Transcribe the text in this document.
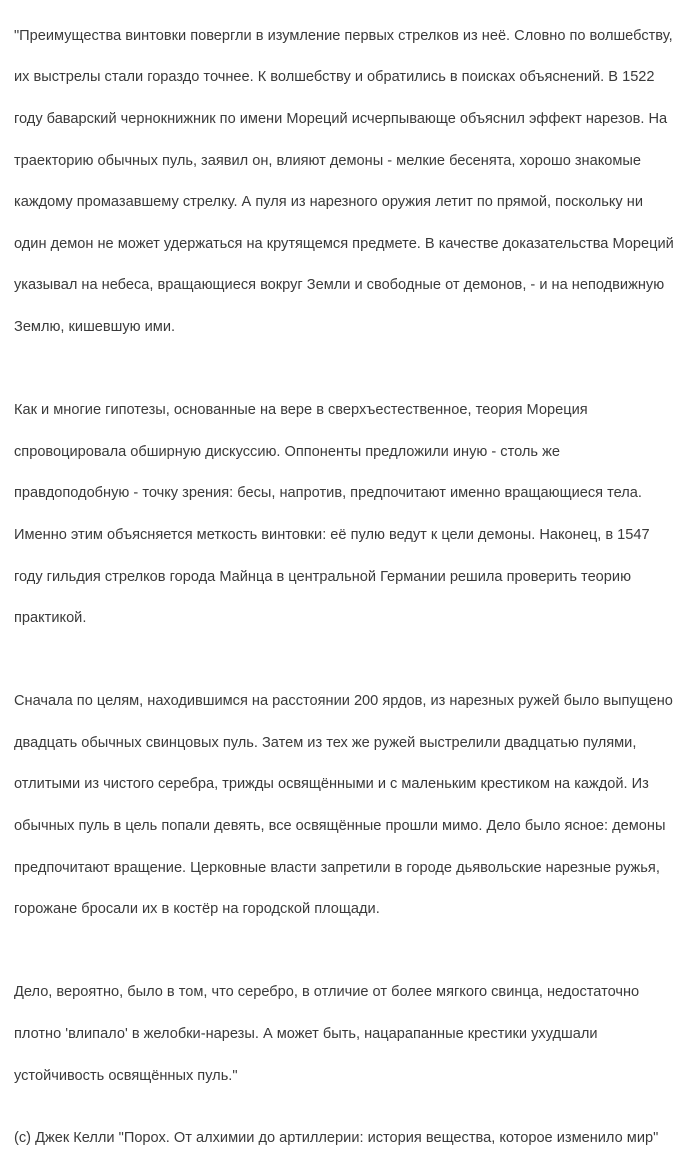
"Преимущества винтовки повергли в изумление первых стрелков из неё. Словно по волшебству,

их выстрелы стали гораздо точнее. К волшебству и обратились в поисках объяснений. В 1522

году баварский чернокнижник по имени Мореций исчерпывающе объяснил эффект нарезов. На

траекторию обычных пуль, заявил он, влияют демоны - мелкие бесенята, хорошо знакомые

каждому промазавшему стрелку. А пуля из нарезного оружия летит по прямой, поскольку ни

один демон не может удержаться на крутящемся предмете. В качестве доказательства Мореций

указывал на небеса, вращающиеся вокруг Земли и свободные от демонов, - и на неподвижную

Землю, кишевшую ими.

Как и многие гипотезы, основанные на вере в сверхъестественное, теория Мореция

спровоцировала обширную дискуссию. Оппоненты предложили иную - столь же

правдоподобную - точку зрения: бесы, напротив, предпочитают именно вращающиеся тела.

Именно этим объясняется меткость винтовки: её пулю ведут к цели демоны. Наконец, в 1547

году гильдия стрелков города Майнца в центральной Германии решила проверить теорию

практикой.

Сначала по целям, находившимся на расстоянии 200 ярдов, из нарезных ружей было выпущено

двадцать обычных свинцовых пуль. Затем из тех же ружей выстрелили двадцатью пулями,

отлитыми из чистого серебра, трижды освящёнными и с маленьким крестиком на каждой. Из

обычных пуль в цель попали девять, все освящённые прошли мимо. Дело было ясное: демоны

предпочитают вращение. Церковные власти запретили в городе дьявольские нарезные ружья,

горожане бросали их в костёр на городской площади.

Дело, вероятно, было в том, что серебро, в отличие от более мягкого свинца, недостаточно

плотно 'влипало' в желобки-нарезы. А может быть, нацарапанные крестики ухудшали

устойчивость освящённых пуль."

(с) Джек Келли "Порох. От алхимии до артиллерии: история вещества, которое изменило мир"
